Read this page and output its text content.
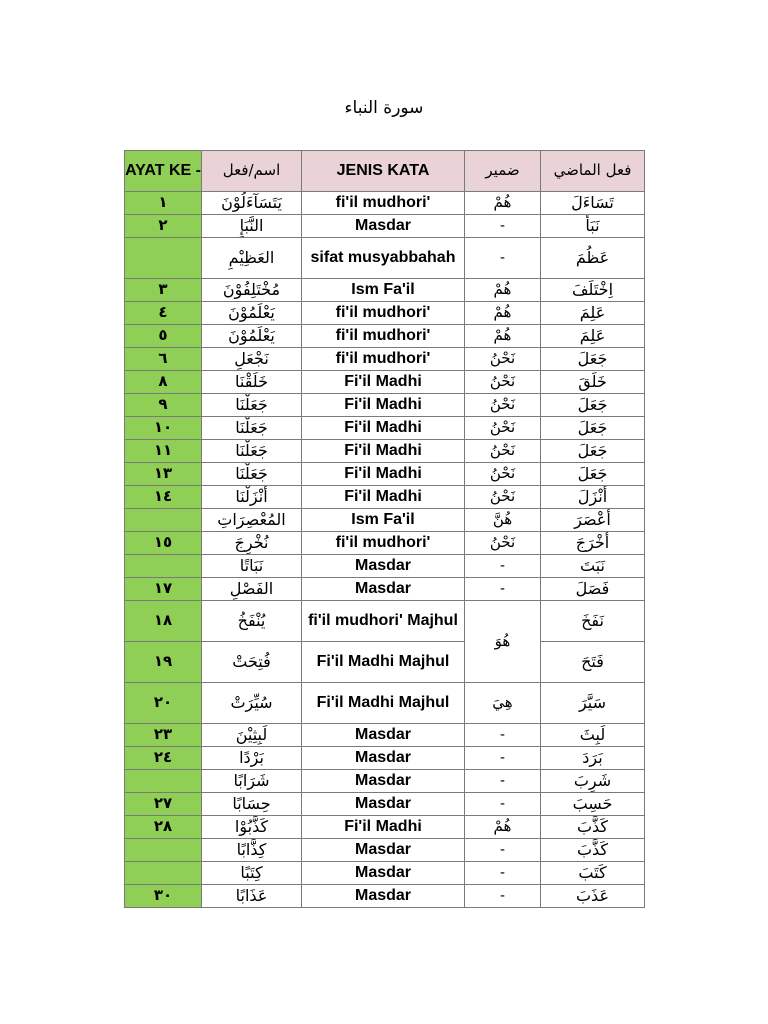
سورة النباء
AYAT KE -	اسم/فعل	JENIS KATA	ضمير	فعل الماضي
١	يَتَسَآءَلُوْنَ	fi'il mudhori'	هُمْ	تَسَاءَلَ
٢	النَّبَإِ	Masdar	-	نَبَأَ
	العَظِيْمِ	sifat musyabbahah	-	عَظُمَ
٣	مُخْتَلِفُوْنَ	Ism Fa'il	هُمْ	اِخْتَلَفَ
٤	يَعْلَمُوْنَ	fi'il mudhori'	هُمْ	عَلِمَ
٥	يَعْلَمُوْنَ	fi'il mudhori'	هُمْ	عَلِمَ
٦	نَجْعَلِ	fi'il mudhori'	نَحْنُ	جَعَلَ
٨	خَلَقْنَا	Fi'il Madhi	نَحْنُ	خَلَقَ
٩	جَعَلْنَا	Fi'il Madhi	نَحْنُ	جَعَلَ
١٠	جَعَلْنَا	Fi'il Madhi	نَحْنُ	جَعَلَ
١١	جَعَلْنَا	Fi'il Madhi	نَحْنُ	جَعَلَ
١٣	جَعَلْنَا	Fi'il Madhi	نَحْنُ	جَعَلَ
١٤	أَنْزَلْنَا	Fi'il Madhi	نَحْنُ	أَنْزَلَ
	المُعْصِرَاتِ	Ism Fa'il	هُنَّ	أَعْصَرَ
١٥	نُخْرِجَ	fi'il mudhori'	نَحْنُ	أَخْرَجَ
	نَبَاتًا	Masdar	-	نَبَتَ
١٧	الفَصْلِ	Masdar	-	فَصَلَ
١٨	يُنْفَخُ	fi'il mudhori' Majhul	هُوَ	نَفَخَ
١٩	فُتِحَتْ	Fi'il Madhi Majhul		فَتَحَ
٢٠	سُيِّرَتْ	Fi'il Madhi Majhul	هِيَ	سَيَّرَ
٢٣	لَبِثِيْنَ	Masdar	-	لَبِثَ
٢٤	بَرْدًا	Masdar	-	بَرَدَ
	شَرَابًا	Masdar	-	شَرِبَ
٢٧	حِسَابًا	Masdar	-	حَسِبَ
٢٨	كَذَّبُوْا	Fi'il Madhi	هُمْ	كَذَّبَ
	كِذَّابًا	Masdar	-	كَذَّبَ
	كِتَبًا	Masdar	-	كَتَبَ
٣٠	عَذَابًا	Masdar	-	عَذَبَ
